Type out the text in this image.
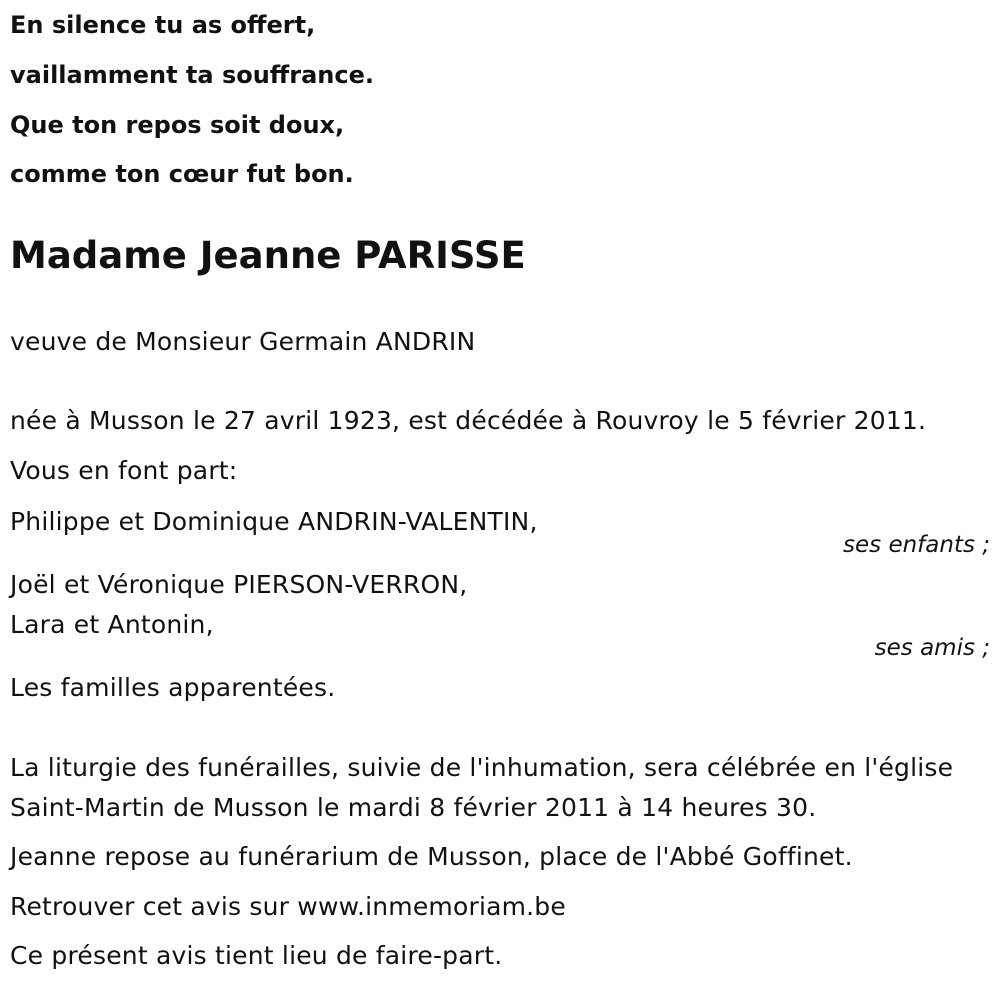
En silence tu as offert,
vaillamment ta souffrance.
Que ton repos soit doux,
comme ton cœur fut bon.
Madame Jeanne PARISSE
veuve de Monsieur Germain ANDRIN
née à Musson le 27 avril 1923, est décédée à Rouvroy le 5 février 2011.
Vous en font part:
Philippe et Dominique ANDRIN-VALENTIN,
ses enfants ;
Joël et Véronique PIERSON-VERRON,
Lara et Antonin,
ses amis ;
Les familles apparentées.
La liturgie des funérailles, suivie de l'inhumation, sera célébrée en l'église
Saint-Martin de Musson le mardi 8 février 2011 à 14 heures 30.
Jeanne repose au funérarium de Musson, place de l'Abbé Goffinet.
Retrouver cet avis sur www.inmemoriam.be
Ce présent avis tient lieu de faire-part.
